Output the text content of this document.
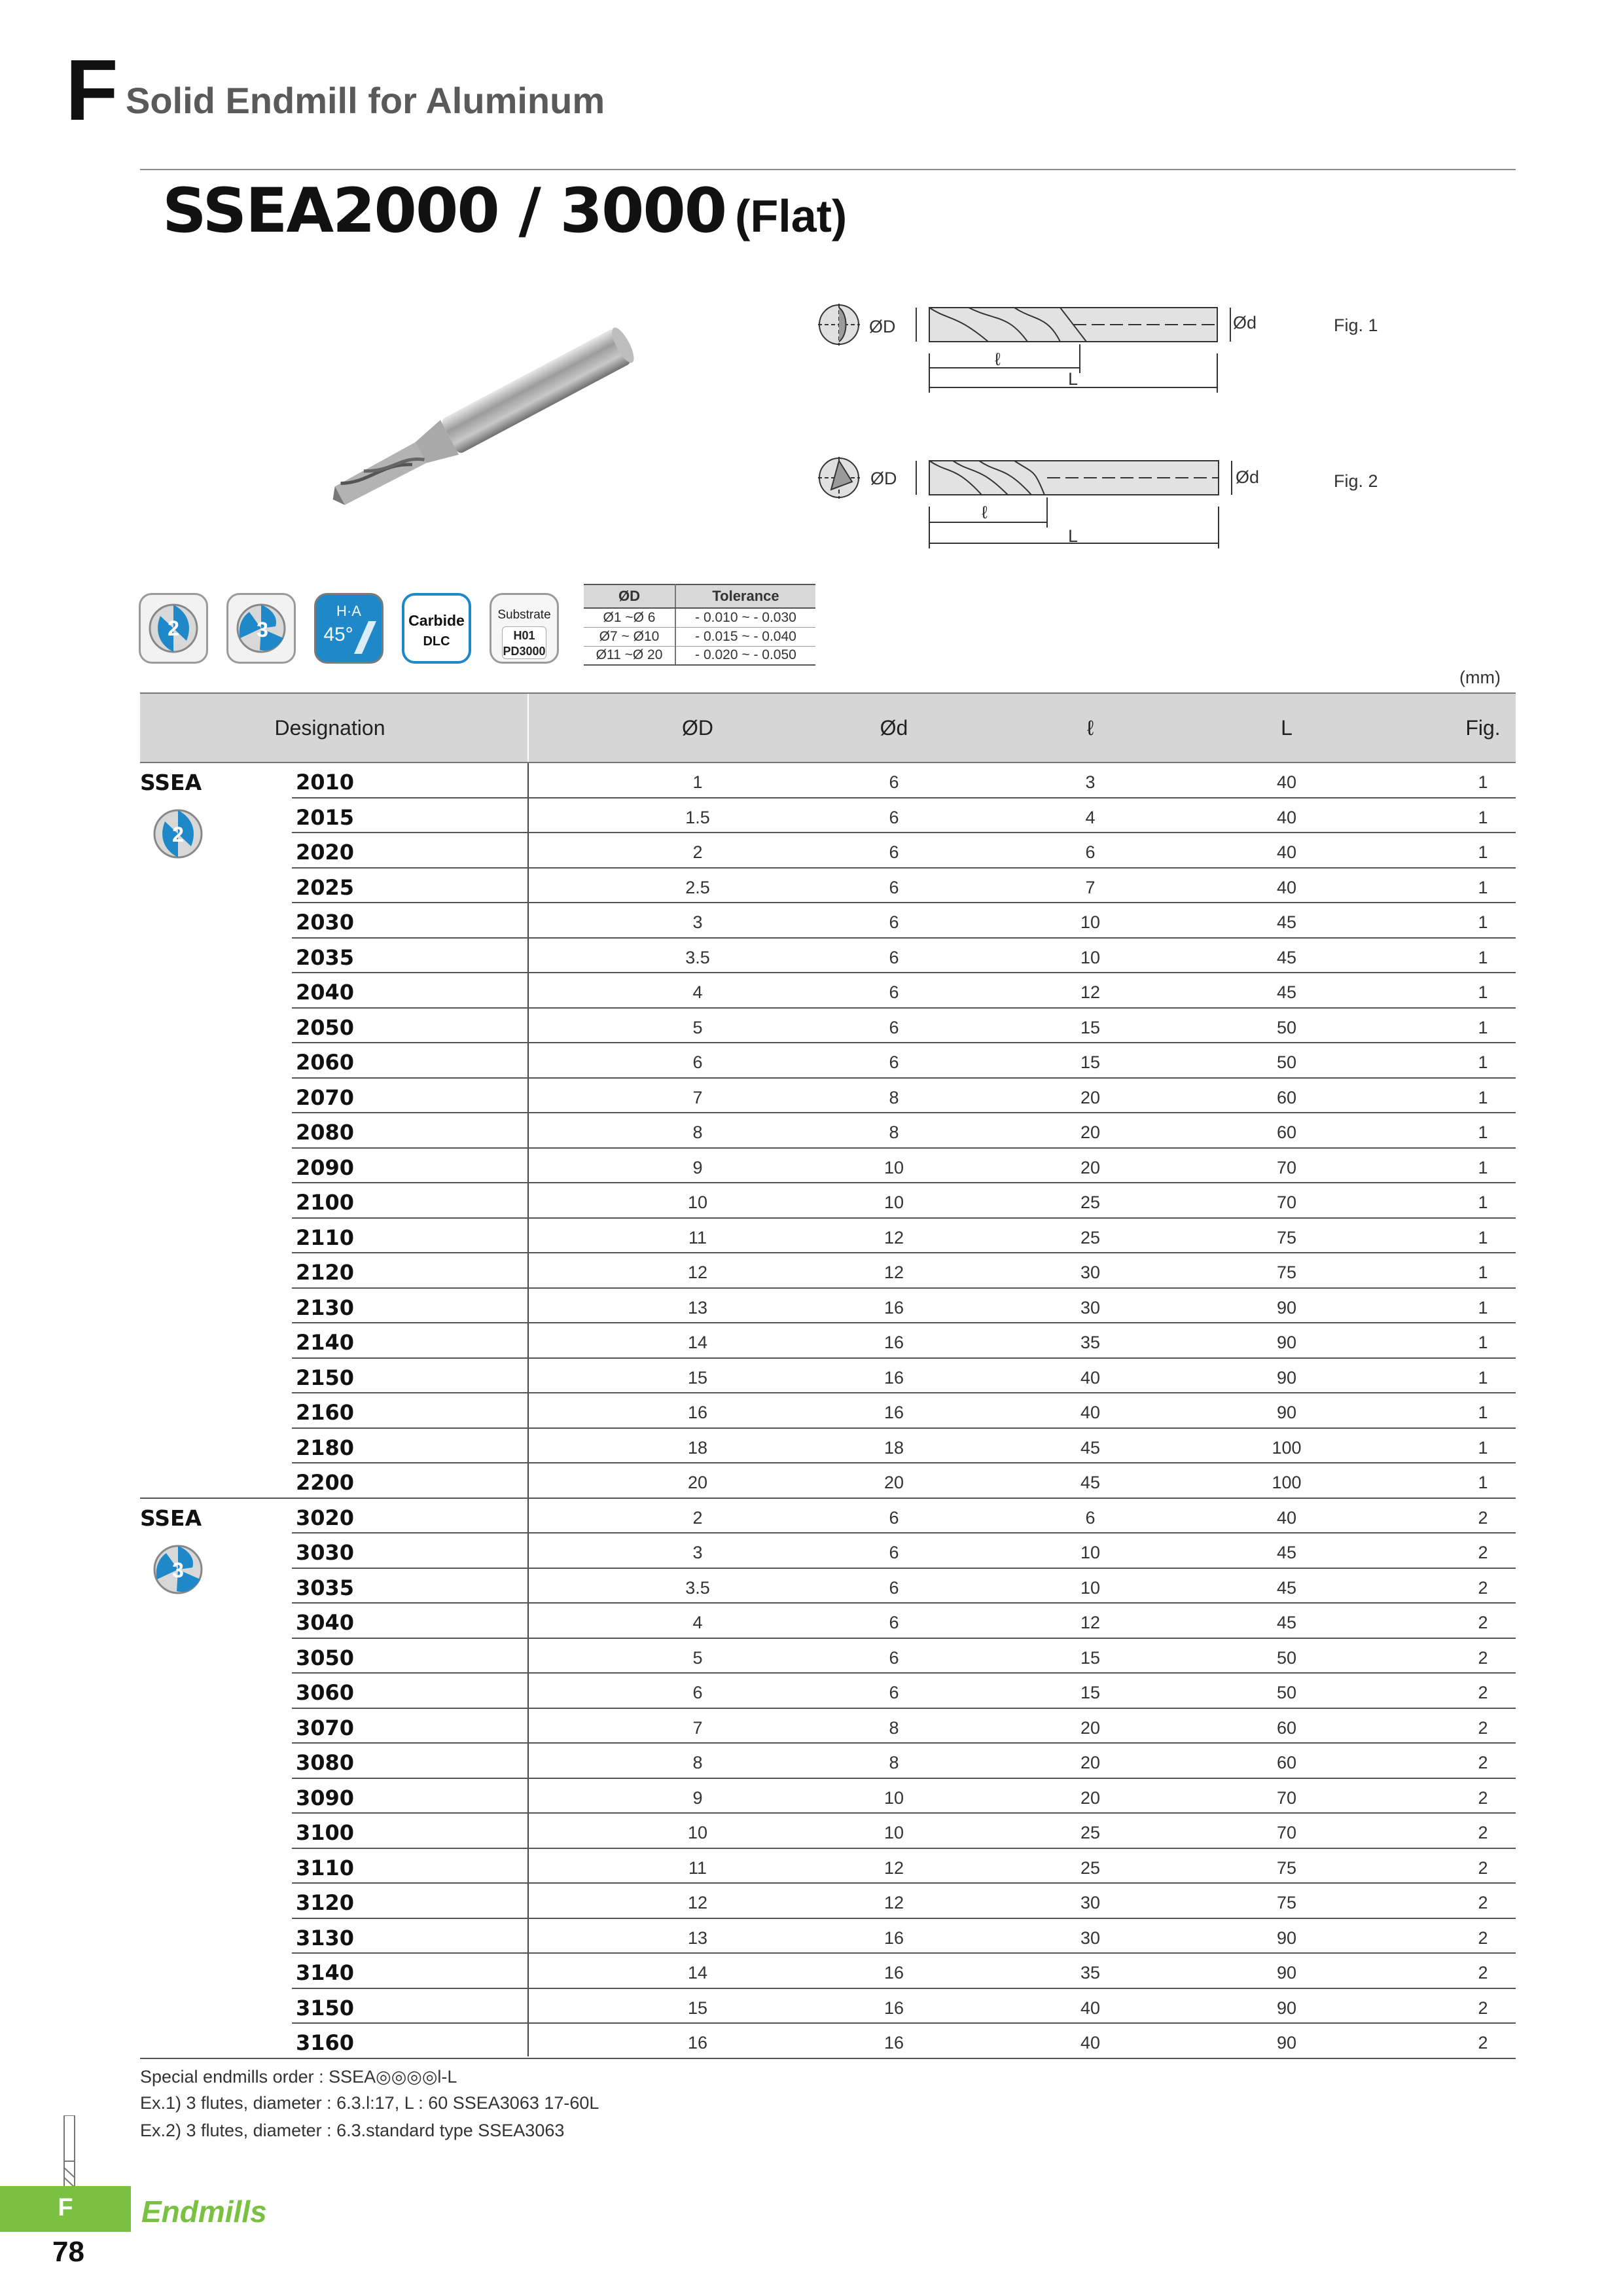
F Solid Endmill for Aluminum
SSEA2000 / 3000 (Flat)
ØD	Ød
ℓ
L
Fig. 1
ØD	Ød
ℓ
L
Fig. 2
2	3
H·A
45°
Carbide
DLC
Substrate
H01
PD3000
ØD	Tolerance
Ø1 ~Ø 6	- 0.010 ~ - 0.030
Ø7 ~ Ø10	- 0.015 ~ - 0.040
Ø11 ~Ø 20	- 0.020 ~ - 0.050
(mm)
Designation	ØD	Ød	ℓ	L	Fig.
SSEA
2
2010	1	6	3	40	1
2015	1.5	6	4	40	1
2020	2	6	6	40	1
2025	2.5	6	7	40	1
2030	3	6	10	45	1
2035	3.5	6	10	45	1
2040	4	6	12	45	1
2050	5	6	15	50	1
2060	6	6	15	50	1
2070	7	8	20	60	1
2080	8	8	20	60	1
2090	9	10	20	70	1
2100	10	10	25	70	1
2110	11	12	25	75	1
2120	12	12	30	75	1
2130	13	16	30	90	1
2140	14	16	35	90	1
2150	15	16	40	90	1
2160	16	16	40	90	1
2180	18	18	45	100	1
2200	20	20	45	100	1
SSEA
3
3020	2	6	6	40	2
3030	3	6	10	45	2
3035	3.5	6	10	45	2
3040	4	6	12	45	2
3050	5	6	15	50	2
3060	6	6	15	50	2
3070	7	8	20	60	2
3080	8	8	20	60	2
3090	9	10	20	70	2
3100	10	10	25	70	2
3110	11	12	25	75	2
3120	12	12	30	75	2
3130	13	16	30	90	2
3140	14	16	35	90	2
3150	15	16	40	90	2
3160	16	16	40	90	2
Special endmills order : SSEA◎◎◎◎l-L
Ex.1) 3 flutes, diameter : 6.3.l:17, L : 60 SSEA3063 17-60L
Ex.2) 3 flutes, diameter : 6.3.standard type SSEA3063
F	Endmills
78
